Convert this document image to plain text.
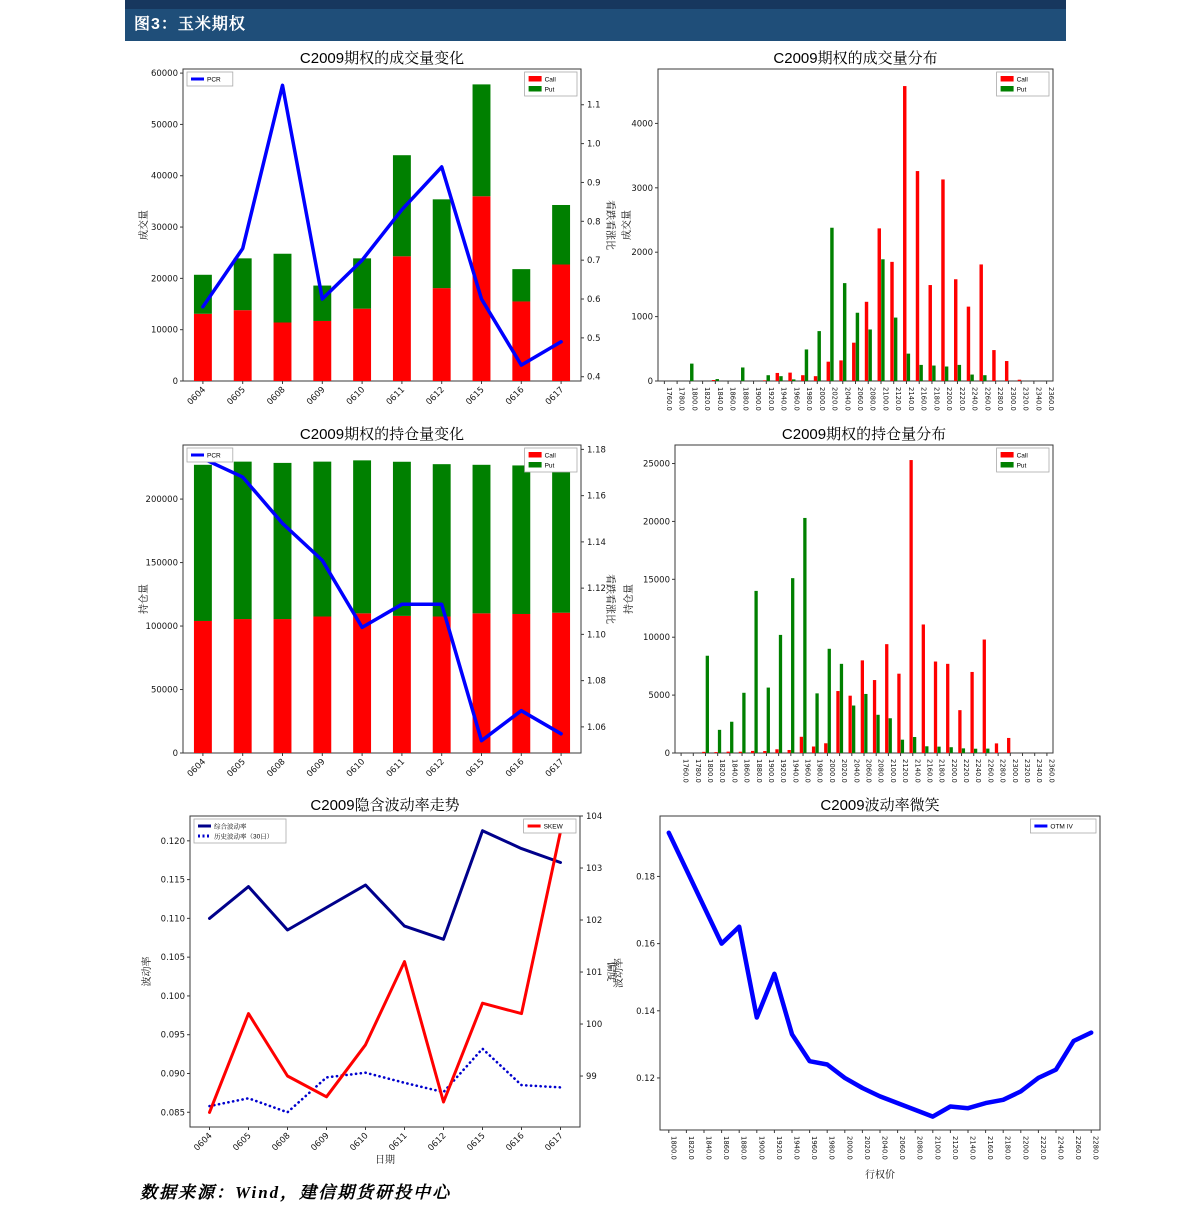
图3：玉米期权
0
10000
20000
30000
40000
50000
60000
0.4
0.5
0.6
0.7
0.8
0.9
1.0
1.1
0604 0605 0608 0609 0610 0611 0612 0615 0616 0617
PCR	Call
Put
C2009期权的成交量变化
成交量	看跌看涨比
0
1000
2000
3000
4000
1760.0 1780.0 1800.0 1820.0 1840.0 1860.0 1880.0 1900.0 1920.0 1940.0 1960.0 1980.0 2000.0 2020.0 2040.0 2060.0 2080.0 2100.0 2120.0 2140.0 2160.0 2180.0 2200.0 2220.0 2240.0 2260.0 2280.0 2300.0 2320.0 2340.0 2360.0
Call
Put
C2009期权的成交量分布
成交量
0
50000
100000
150000
200000
1.06
1.08
1.10
1.12
1.14
1.16
1.18
0604 0605 0608 0609 0610 0611 0612 0615 0616 0617
PCR	Call
Put
C2009期权的持仓量变化
持仓量	看跌看涨比
0
5000
10000
15000
20000
25000
1760.0 1780.0 1800.0 1820.0 1840.0 1860.0 1880.0 1900.0 1920.0 1940.0 1960.0 1980.0 2000.0 2020.0 2040.0 2060.0 2080.0 2100.0 2120.0 2140.0 2160.0 2180.0 2200.0 2220.0 2240.0 2260.0 2280.0 2300.0 2320.0 2340.0 2360.0
Call
Put
C2009期权的持仓量分布
持仓量
0.085
0.090
0.095
0.100
0.105
0.110
0.115
0.120
99
100
101
102
103
104
0604 0605 0608 0609 0610 0611 0612 0615 0616 0617
综合波动率
历史波动率（30日）
SKEW
C2009隐含波动率走势
波动率	偏度
日期
0.12
0.14
0.16
0.18
1800.0 1820.0 1840.0 1860.0 1880.0 1900.0 1920.0 1940.0 1960.0 1980.0 2000.0 2020.0 2040.0 2060.0 2080.0 2100.0 2120.0 2140.0 2160.0 2180.0 2200.0 2220.0 2240.0 2260.0 2280.0
OTM IV
C2009波动率微笑
波动率
行权价
数据来源：Wind，建信期货研投中心
